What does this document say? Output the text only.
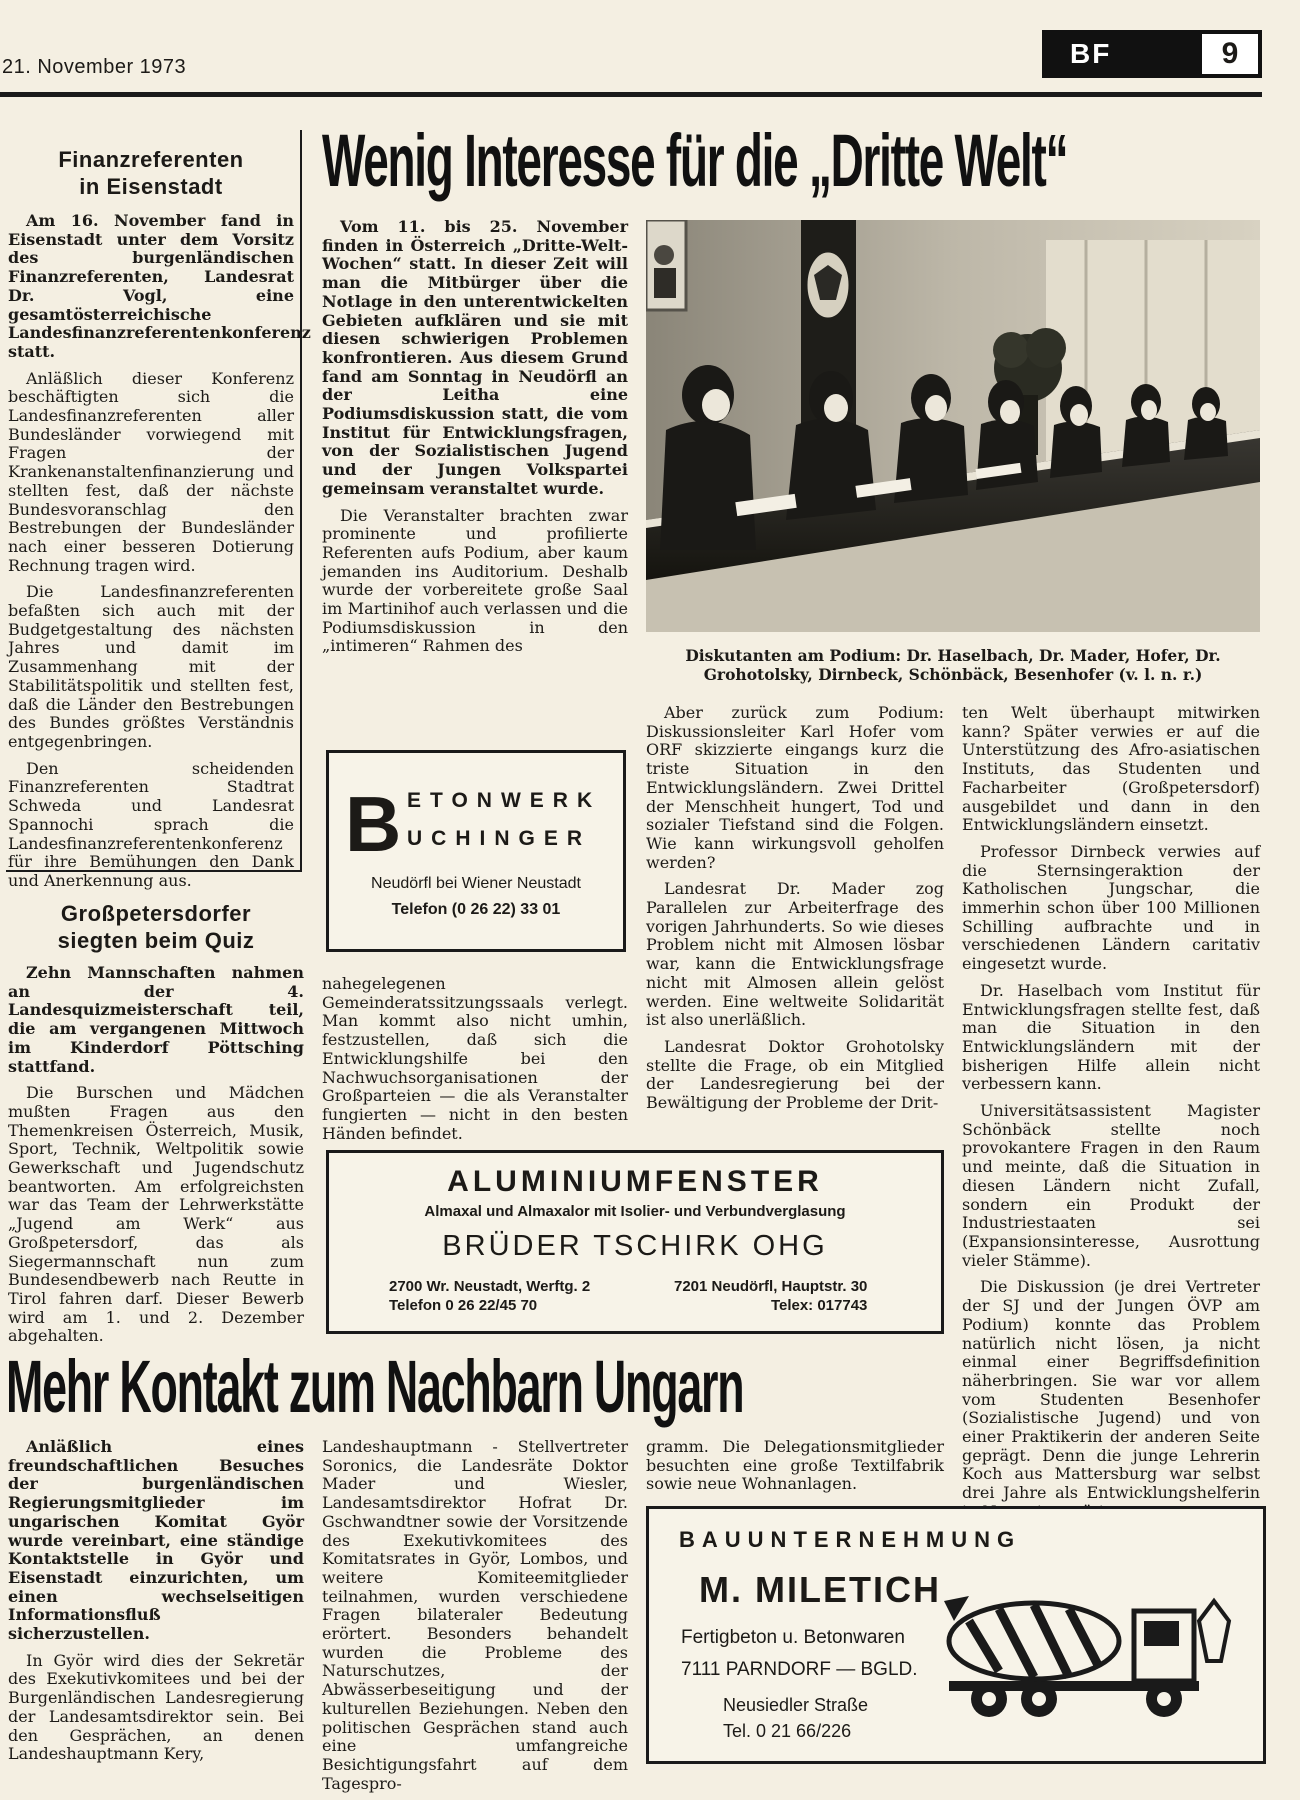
21. November 1973	BF	9
Finanzreferenten
in Eisenstadt

Am 16. November fand in Eisenstadt unter dem Vorsitz des burgenländischen Finanzreferenten, Landesrat Dr. Vogl, eine gesamtösterreichische Landesfinanzreferentenkonferenz statt.

Anläßlich dieser Konferenz beschäftigten sich die Landesfinanzreferenten aller Bundesländer vorwiegend mit Fragen der Krankenanstaltenfinanzierung und stellten fest, daß der nächste Bundesvoranschlag den Bestrebungen der Bundesländer nach einer besseren Dotierung Rechnung tragen wird.

Die Landesfinanzreferenten befaßten sich auch mit der Budgetgestaltung des nächsten Jahres und damit im Zusammenhang mit der Stabilitätspolitik und stellten fest, daß die Länder den Bestrebungen des Bundes größtes Verständnis entgegenbringen.

Den scheidenden Finanzreferenten Stadtrat Schweda und Landesrat Spannochi sprach die Landesfinanzreferentenkonferenz für ihre Bemühungen den Dank und Anerkennung aus.

Großpetersdorfer
siegten beim Quiz

Zehn Mannschaften nahmen an der 4. Landesquizmeisterschaft teil, die am vergangenen Mittwoch im Kinderdorf Pöttsching stattfand.

Die Burschen und Mädchen mußten Fragen aus den Themenkreisen Österreich, Musik, Sport, Technik, Weltpolitik sowie Gewerkschaft und Jugendschutz beantworten. Am erfolgreichsten war das Team der Lehrwerkstätte „Jugend am Werk“ aus Großpetersdorf, das als Siegermannschaft nun zum Bundesendbewerb nach Reutte in Tirol fahren darf. Dieser Bewerb wird am 1. und 2. Dezember abgehalten.

Wenig Interesse für die „Dritte Welt“

Vom 11. bis 25. November finden in Österreich „Dritte-Welt-Wochen“ statt. In dieser Zeit will man die Mitbürger über die Notlage in den unterentwickelten Gebieten aufklären und sie mit diesen schwierigen Problemen konfrontieren. Aus diesem Grund fand am Sonntag in Neudörfl an der Leitha eine Podiumsdiskussion statt, die vom Institut für Entwicklungsfragen, von der Sozialistischen Jugend und der Jungen Volkspartei gemeinsam veranstaltet wurde.

Die Veranstalter brachten zwar prominente und profilierte Referenten aufs Podium, aber kaum jemanden ins Auditorium. Deshalb wurde der vorbereitete große Saal im Martinihof auch verlassen und die Podiumsdiskussion in den „intimeren“ Rahmen des

Diskutanten am Podium: Dr. Haselbach, Dr. Mader, Hofer, Dr. Grohotolsky, Dirnbeck, Schönbäck, Besenhofer (v. l. n. r.)
B ETONWERK
UCHINGER
Neudörfl bei Wiener Neustadt
Telefon (0 26 22) 33 01

nahegelegenen Gemeinderatssitzungssaals verlegt. Man kommt also nicht umhin, festzustellen, daß sich die Entwicklungshilfe bei den Nachwuchsorganisationen der Großparteien — die als Veranstalter fungierten — nicht in den besten Händen befindet.

Aber zurück zum Podium: Diskussionsleiter Karl Hofer vom ORF skizzierte eingangs kurz die triste Situation in den Entwicklungsländern. Zwei Drittel der Menschheit hungert, Tod und sozialer Tiefstand sind die Folgen. Wie kann wirkungsvoll geholfen werden?

Landesrat Dr. Mader zog Parallelen zur Arbeiterfrage des vorigen Jahrhunderts. So wie dieses Problem nicht mit Almosen lösbar war, kann die Entwicklungsfrage nicht mit Almosen allein gelöst werden. Eine weltweite Solidarität ist also unerläßlich.

Landesrat Doktor Grohotolsky stellte die Frage, ob ein Mitglied der Landesregierung bei der Bewältigung der Probleme der Drit-

ten Welt überhaupt mitwirken kann? Später verwies er auf die Unterstützung des Afro-asiatischen Instituts, das Studenten und Facharbeiter (Großpetersdorf) ausgebildet und dann in den Entwicklungsländern einsetzt.

Professor Dirnbeck verwies auf die Sternsingeraktion der Katholischen Jungschar, die immerhin schon über 100 Millionen Schilling aufbrachte und in verschiedenen Ländern caritativ eingesetzt wurde.

Dr. Haselbach vom Institut für Entwicklungsfragen stellte fest, daß man die Situation in den Entwicklungsländern mit der bisherigen Hilfe allein nicht verbessern kann.

Universitätsassistent Magister Schönbäck stellte noch provokantere Fragen in den Raum und meinte, daß die Situation in diesen Ländern nicht Zufall, sondern ein Produkt der Industriestaaten sei (Expansionsinteresse, Ausrottung vieler Stämme).

Die Diskussion (je drei Vertreter der SJ und der Jungen ÖVP am Podium) konnte das Problem natürlich nicht lösen, ja nicht einmal einer Begriffsdefinition näherbringen. Sie war vor allem vom Studenten Besenhofer (Sozialistische Jugend) und von einer Praktikerin der anderen Seite geprägt. Denn die junge Lehrerin Koch aus Mattersburg war selbst drei Jahre als Entwicklungshelferin

ALUMINIUMFENSTER
Almaxal und Almaxalor mit Isolier- und Verbundverglasung
BRÜDER TSCHIRK OHG
2700 Wr. Neustadt, Werftg. 2
Telefon 0 26 22/45 70
7201 Neudörfl, Hauptstr. 30
Telex: 017743
Mehr Kontakt zum Nachbarn Ungarn

Anläßlich eines freundschaftlichen Besuches der burgenländischen Regierungsmitglieder im ungarischen Komitat Györ wurde vereinbart, eine ständige Kontaktstelle in Györ und Eisenstadt einzurichten, um einen wechselseitigen Informationsfluß sicherzustellen.

In Györ wird dies der Sekretär des Exekutivkomitees und bei der Burgenländischen Landesregierung der Landesamtsdirektor sein. Bei den Gesprächen, an denen Landeshauptmann Kery,

Landeshauptmann - Stellvertreter Soronics, die Landesräte Doktor Mader und Wiesler, Landesamtsdirektor Hofrat Dr. Gschwandtner sowie der Vorsitzende des Exekutivkomitees des Komitatsrates in Györ, Lombos, und weitere Komiteemitglieder teilnahmen, wurden verschiedene Fragen bilateraler Bedeutung erörtert. Besonders behandelt wurden die Probleme des Naturschutzes, der Abwässerbeseitigung und der kulturellen Beziehungen. Neben den politischen Gesprächen stand auch eine umfangreiche Besichtigungsfahrt auf dem Tagespro-

gramm. Die Delegationsmitglieder besuchten eine große Textilfabrik sowie neue Wohnanlagen.

BAUUNTERNEHMUNG
M. MILETICH
Fertigbeton u. Betonwaren
7111 PARNDORF — BGLD.
Neusiedler Straße
Tel. 0 21 66/226
